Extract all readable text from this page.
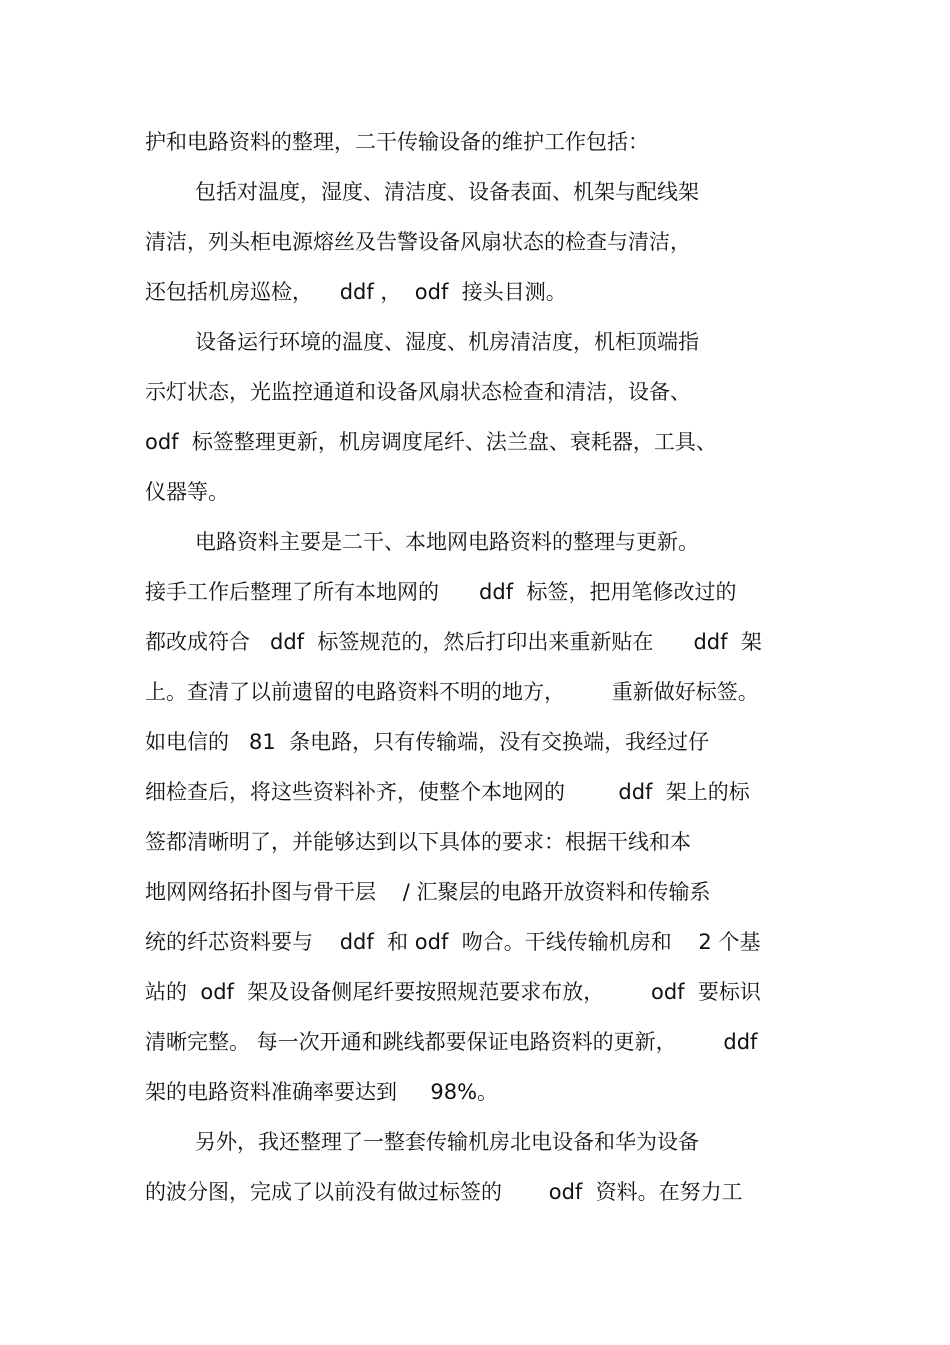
护和电路资料的整理，二干传输设备的维护工作包括：
包括对温度，湿度、清洁度、设备表面、机架与配线架
清洁，列头柜电源熔丝及告警设备风扇状态的检查与清洁，
还包括机房巡检，    ddf ，  odf  接头目测。
设备运行环境的温度、湿度、机房清洁度，机柜顶端指
示灯状态，光监控通道和设备风扇状态检查和清洁，设备、
odf  标签整理更新，机房调度尾纤、法兰盘、衰耗器，工具、
仪器等。
电路资料主要是二干、本地网电路资料的整理与更新。
接手工作后整理了所有本地网的      ddf  标签，把用笔修改过的
都改成符合   ddf  标签规范的，然后打印出来重新贴在      ddf  架
上。查清了以前遗留的电路资料不明的地方，       重新做好标签。
如电信的   81  条电路，只有传输端，没有交换端，我经过仔
细检查后，将这些资料补齐，使整个本地网的        ddf  架上的标
签都清晰明了，并能够达到以下具体的要求：根据干线和本
地网网络拓扑图与骨干层    / 汇聚层的电路开放资料和传输系
统的纤芯资料要与    ddf  和 odf  吻合。干线传输机房和    2 个基
站的  odf  架及设备侧尾纤要按照规范要求布放，       odf  要标识
清晰完整。 每一次开通和跳线都要保证电路资料的更新，       ddf
架的电路资料准确率要达到     98%。
另外，我还整理了一整套传输机房北电设备和华为设备
的波分图，完成了以前没有做过标签的       odf  资料。在努力工
